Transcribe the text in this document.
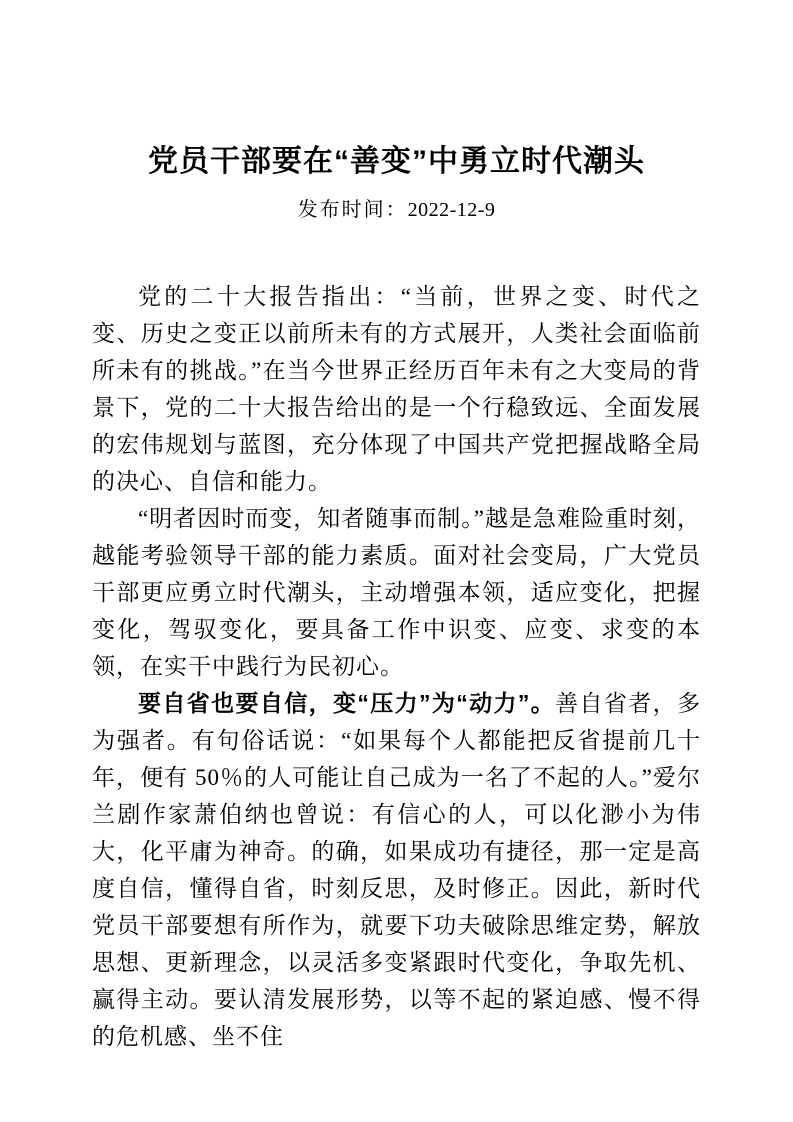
党员干部要在“善变”中勇立时代潮头
发布时间：2022-12-9

党的二十大报告指出：“当前，世界之变、时代之变、历史之变正以前所未有的方式展开，人类社会面临前所未有的挑战。”在当今世界正经历百年未有之大变局的背景下，党的二十大报告给出的是一个行稳致远、全面发展的宏伟规划与蓝图，充分体现了中国共产党把握战略全局的决心、自信和能力。

“明者因时而变，知者随事而制。”越是急难险重时刻，越能考验领导干部的能力素质。面对社会变局，广大党员干部更应勇立时代潮头，主动增强本领，适应变化，把握变化，驾驭变化，要具备工作中识变、应变、求变的本领，在实干中践行为民初心。

要自省也要自信，变“压力”为“动力”。善自省者，多为强者。有句俗话说：“如果每个人都能把反省提前几十年，便有 50％的人可能让自己成为一名了不起的人。”爱尔兰剧作家萧伯纳也曾说：有信心的人，可以化渺小为伟大，化平庸为神奇。的确，如果成功有捷径，那一定是高度自信，懂得自省，时刻反思，及时修正。因此，新时代党员干部要想有所作为，就要下功夫破除思维定势，解放思想、更新理念，以灵活多变紧跟时代变化，争取先机、赢得主动。要认清发展形势，以等不起的紧迫感、慢不得的危机感、坐不住
